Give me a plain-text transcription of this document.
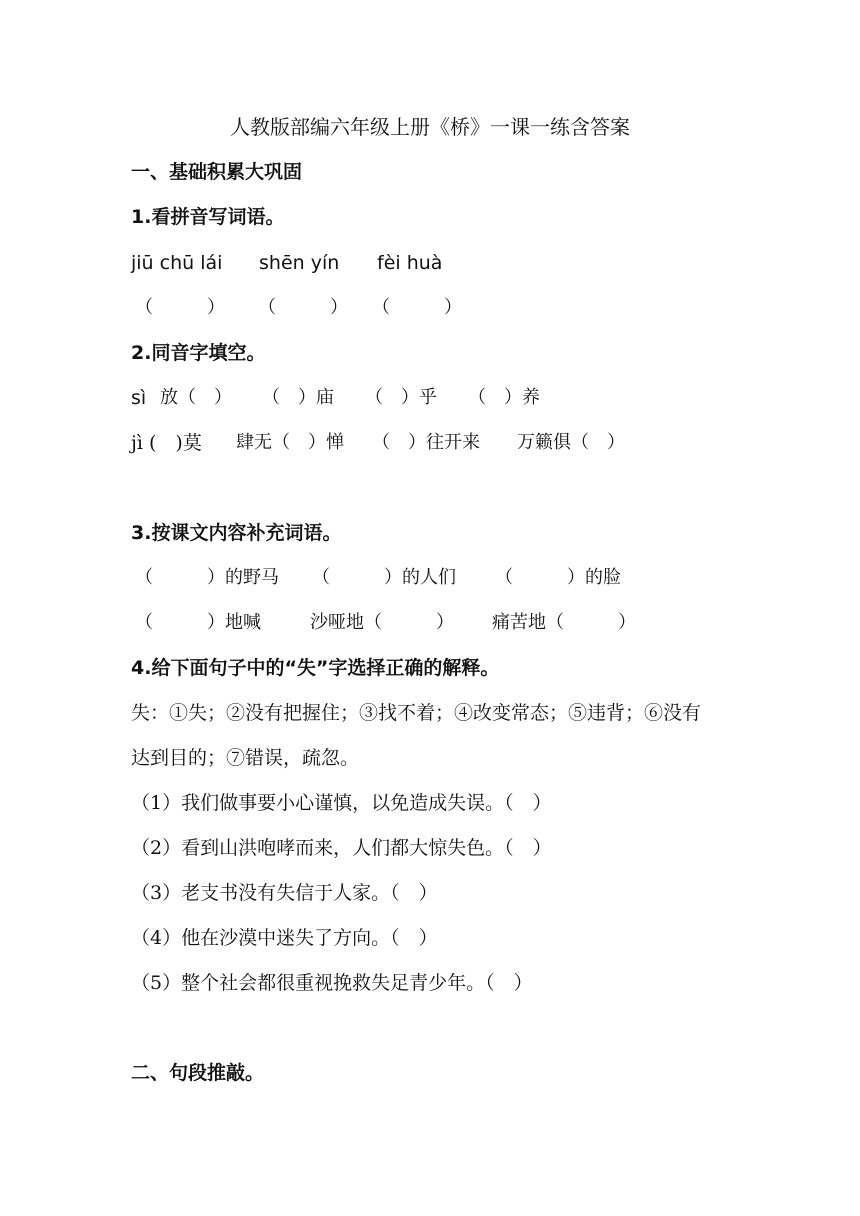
人教版部编六年级上册《桥》一课一练含答案
一、基础积累大巩固
1.看拼音写词语。
jiū chū lái shēn yín fèi huà
（　　　） （　　　） （　　　）
2.同音字填空。
sì 放（　） （　）庙 （　）乎 （　）养
jì (　)莫 肆无（　）惮 （　）往开来 万籁俱（　）
3.按课文内容补充词语。
（　　　）的野马 （　　　）的人们 （　　　）的脸
（　　　）地喊	沙哑地（　　　） 痛苦地（　　　）
4.给下面句子中的“失”字选择正确的解释。
失：①失；②没有把握住；③找不着；④改变常态；⑤违背；⑥没有
达到目的；⑦错误，疏忽。
（1）我们做事要小心谨慎，以免造成失误。（　）
（2）看到山洪咆哮而来，人们都大惊失色。（　）
（3）老支书没有失信于人家。（　）
（4）他在沙漠中迷失了方向。（　）
（5）整个社会都很重视挽救失足青少年。（　）
二、句段推敲。
